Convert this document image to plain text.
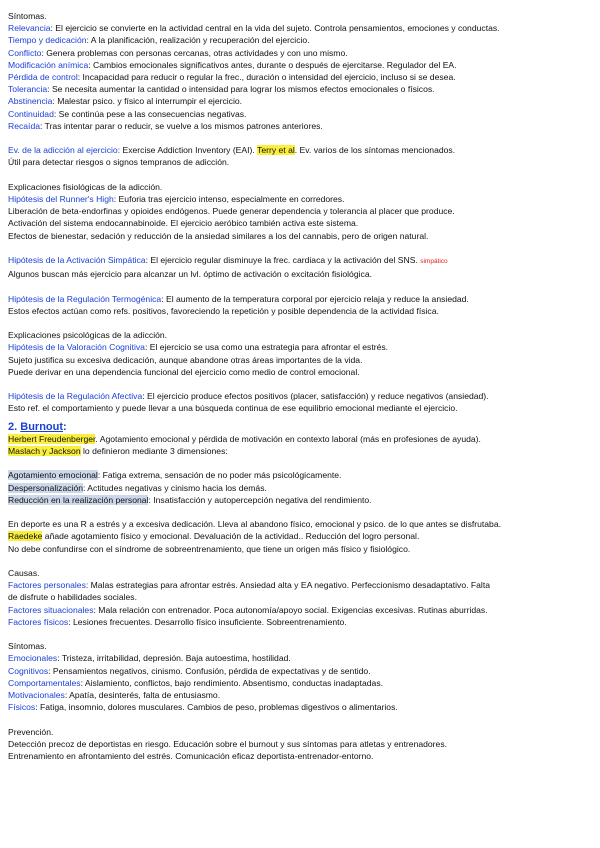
Síntomas.
Relevancia: El ejercicio se convierte en la actividad central en la vida del sujeto. Controla pensamientos, emociones y conductas.
Tiempo y dedicación: A la planificación, realización y recuperación del ejercicio.
Conflicto: Genera problemas con personas cercanas, otras actividades y con uno mismo.
Modificación anímica: Cambios emocionales significativos antes, durante o después de ejercitarse. Regulador del EA.
Pérdida de control: Incapacidad para reducir o regular la frec., duración o intensidad del ejercicio, incluso si se desea.
Tolerancia: Se necesita aumentar la cantidad o intensidad para lograr los mismos efectos emocionales o físicos.
Abstinencia: Malestar psico. y físico al interrumpir el ejercicio.
Continuidad: Se continúa pese a las consecuencias negativas.
Recaída: Tras intentar parar o reducir, se vuelve a los mismos patrones anteriores.
Ev. de la adicción al ejercicio: Exercise Addiction Inventory (EAI). Terry et al. Ev. varios de los síntomas mencionados.
Útil para detectar riesgos o signos tempranos de adicción.
Explicaciones fisiológicas de la adicción.
Hipótesis del Runner's High: Euforia tras ejercicio intenso, especialmente en corredores.
Liberación de beta-endorfinas y opioides endógenos. Puede generar dependencia y tolerancia al placer que produce.
Activación del sistema endocannabinoide. El ejercicio aeróbico también activa este sistema.
Efectos de bienestar, sedación y reducción de la ansiedad similares a los del cannabis, pero de origen natural.
Hipótesis de la Activación Simpática: El ejercicio regular disminuye la frec. cardiaca y la activación del SNS. simpático
Algunos buscan más ejercicio para alcanzar un lvl. óptimo de activación o excitación fisiológica.
Hipótesis de la Regulación Termogénica: El aumento de la temperatura corporal por ejercicio relaja y reduce la ansiedad.
Estos efectos actúan como refs. positivos, favoreciendo la repetición y posible dependencia de la actividad física.
Explicaciones psicológicas de la adicción.
Hipótesis de la Valoración Cognitiva: El ejercicio se usa como una estrategia para afrontar el estrés.
Sujeto justifica su excesiva dedicación, aunque abandone otras áreas importantes de la vida.
Puede derivar en una dependencia funcional del ejercicio como medio de control emocional.
Hipótesis de la Regulación Afectiva: El ejercicio produce efectos positivos (placer, satisfacción) y reduce negativos (ansiedad).
Esto ref. el comportamiento y puede llevar a una búsqueda continua de ese equilibrio emocional mediante el ejercicio.
2. Burnout:
Herbert Freudenberger. Agotamiento emocional y pérdida de motivación en contexto laboral (más en profesiones de ayuda).
Maslach y Jackson lo definieron mediante 3 dimensiones:
Agotamiento emocional: Fatiga extrema, sensación de no poder más psicológicamente.
Despersonalización: Actitudes negativas y cinismo hacia los demás.
Reducción en la realización personal: Insatisfacción y autopercepción negativa del rendimiento.
En deporte es una R a estrés y a excesiva dedicación. Lleva al abandono físico, emocional y psico. de lo que antes se disfrutaba.
Raedeke añade agotamiento físico y emocional. Devaluación de la actividad.. Reducción del logro personal.
No debe confundirse con el síndrome de sobreentrenamiento, que tiene un origen más físico y fisiológico.
Causas.
Factores personales: Malas estrategias para afrontar estrés. Ansiedad alta y EA negativo. Perfeccionismo desadaptativo. Falta
de disfrute o habilidades sociales.
Factores situacionales: Mala relación con entrenador. Poca autonomía/apoyo social. Exigencias excesivas. Rutinas aburridas.
Factores físicos: Lesiones frecuentes. Desarrollo físico insuficiente. Sobreentrenamiento.
Síntomas.
Emocionales: Tristeza, irritabilidad, depresión. Baja autoestima, hostilidad.
Cognitivos: Pensamientos negativos, cinismo. Confusión, pérdida de expectativas y de sentido.
Comportamentales: Aislamiento, conflictos, bajo rendimiento. Absentismo, conductas inadaptadas.
Motivacionales: Apatía, desinterés, falta de entusiasmo.
Físicos: Fatiga, insomnio, dolores musculares. Cambios de peso, problemas digestivos o alimentarios.
Prevención.
Detección precoz de deportistas en riesgo. Educación sobre el burnout y sus síntomas para atletas y entrenadores.
Entrenamiento en afrontamiento del estrés. Comunicación eficaz deportista-entrenador-entorno.
